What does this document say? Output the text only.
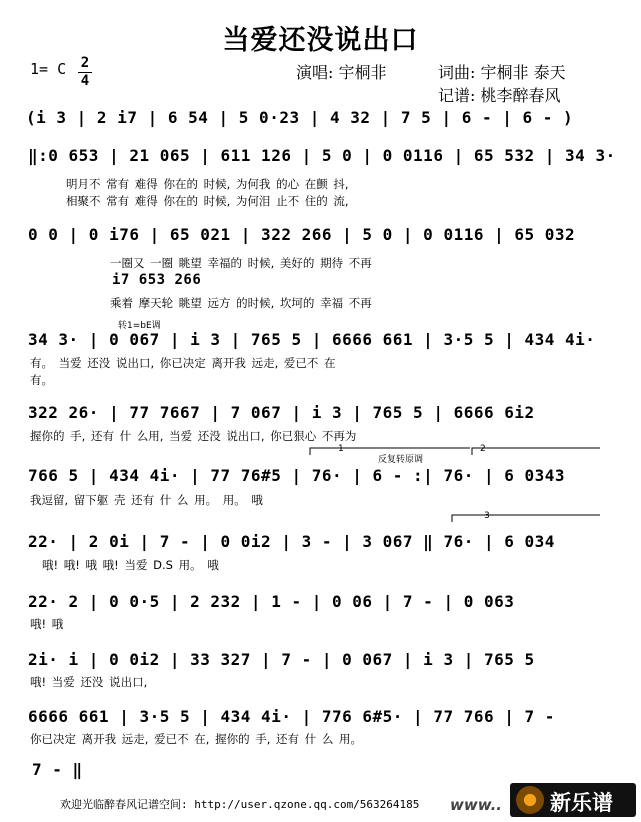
当爱还没说出口
1= C 2
4	演唱: 宇桐非	词曲: 宇桐非 泰天
记谱: 桃李醉春风
(i 3 | 2 i7 | 6 54 | 5 0·23 | 4 32 | 7 5 | 6 - | 6 - )
‖:0 653 | 21 065 | 611 126 | 5 0 | 0 0116 | 65 532 | 34 3·
明月不 常有 难得 你在的 时候, 为何我 的心 在颤 抖,
相聚不 常有 难得 你在的 时候, 为何泪 止不 住的 流,
0 0 | 0 i76 | 65 021 | 322 266 | 5 0 | 0 0116 | 65 032
一圈又 一圈 眺望 幸福的 时候, 美好的 期待 不再
i7 653 266
乘着 摩天轮 眺望 远方 的时候, 坎坷的 幸福 不再
转1=bE调
34 3· | 0 067 | i 3 | 765 5 | 6666 661 | 3·5 5 | 434 4i·
有。 当爱 还没 说出口, 你已决定 离开我 远走, 爱已不 在
有。
322 26· | 77 7667 | 7 067 | i 3 | 765 5 | 6666 6i2
握你的 手, 还有 什 么用, 当爱 还没 说出口, 你已狠心 不再为
反复转原调
766 5 | 434 4i· | 77 76#5 | 76· | 6 - :| 76· | 6 0343
我逗留, 留下躯 壳 还有 什 么 用。 用。 哦
22· | 2 0i | 7 - | 0 0i2 | 3 - | 3 067 ‖ 76· | 6 034
哦! 哦! 哦 哦! 当爱 D.S 用。 哦
22· 2 | 0 0·5 | 2 232 | 1 - | 0 06 | 7 - | 0 063
哦! 哦
2i· i | 0 0i2 | 33 327 | 7 - | 0 067 | i 3 | 765 5
哦! 当爱 还没 说出口,
6666 661 | 3·5 5 | 434 4i· | 776 6#5· | 77 766 | 7 -
你已决定 离开我 远走, 爱已不 在, 握你的 手, 还有 什 么 用。
7 - ‖
1	2
3
欢迎光临醉春风记谱空间: http://user.qzone.qq.com/563264185 www.. 新乐谱
